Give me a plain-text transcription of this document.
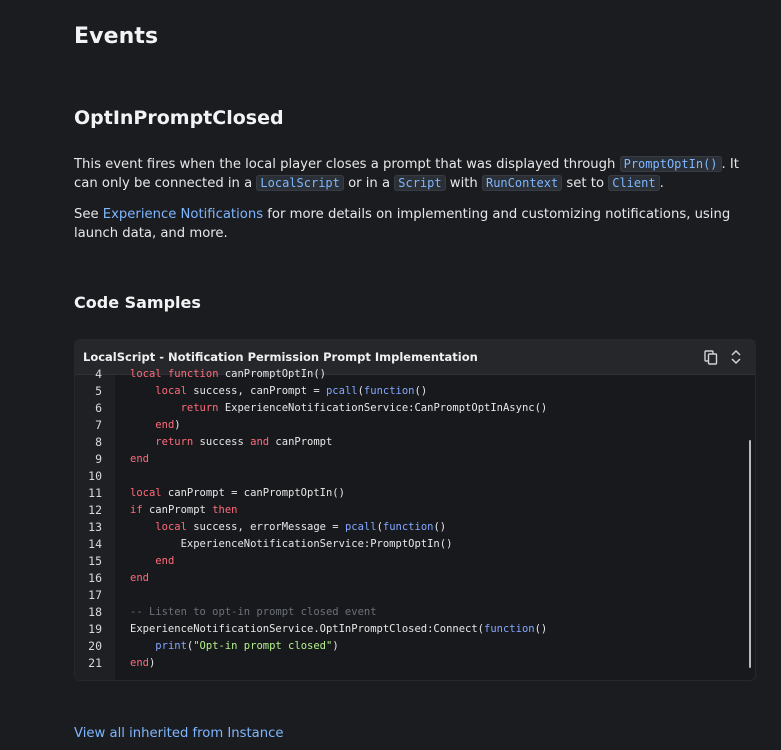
Events
OptInPromptClosed
This event fires when the local player closes a prompt that was displayed through PromptOptIn() . It can only be connected in a LocalScript or in a Script with RunContext set to Client .
See Experience Notifications for more details on implementing and customizing notifications, using launch data, and more.
Code Samples
LocalScript - Notification Permission Prompt Implementation
4	local function canPromptOptIn()
5	local success, canPrompt = pcall(function()
6	return ExperienceNotificationService:CanPromptOptInAsync()
7	end)
8	return success and canPrompt
9	end
10
11	local canPrompt = canPromptOptIn()
12	if canPrompt then
13	local success, errorMessage = pcall(function()
14	ExperienceNotificationService:PromptOptIn()
15	end
16	end
17
18	-- Listen to opt-in prompt closed event
19	ExperienceNotificationService.OptInPromptClosed:Connect(function()
20	print("Opt-in prompt closed")
21	end)
View all inherited from Instance
